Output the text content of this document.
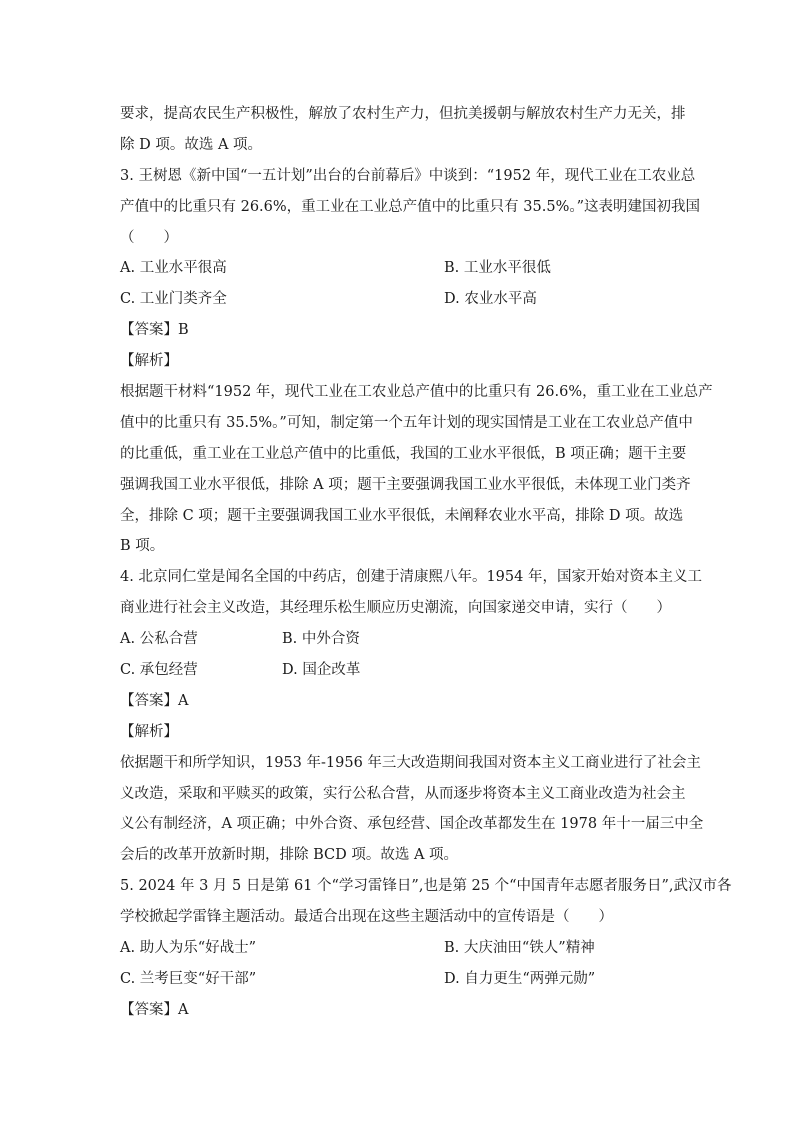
要求，提高农民生产积极性，解放了农村生产力，但抗美援朝与解放农村生产力无关，排
除 D 项。故选 A 项。
3. 王树恩《新中国“一五计划”出台的台前幕后》中谈到：“1952 年，现代工业在工农业总
产值中的比重只有 26.6%，重工业在工业总产值中的比重只有 35.5%。”这表明建国初我国
（　　）
A. 工业水平很高	B. 工业水平很低
C. 工业门类齐全	D. 农业水平高
【答案】B
【解析】
根据题干材料“1952 年，现代工业在工农业总产值中的比重只有 26.6%，重工业在工业总产
值中的比重只有 35.5%。”可知，制定第一个五年计划的现实国情是工业在工农业总产值中
的比重低，重工业在工业总产值中的比重低，我国的工业水平很低，B 项正确；题干主要
强调我国工业水平很低，排除 A 项；题干主要强调我国工业水平很低，未体现工业门类齐
全，排除 C 项；题干主要强调我国工业水平很低，未阐释农业水平高，排除 D 项。故选
B 项。
4. 北京同仁堂是闻名全国的中药店，创建于清康熙八年。1954 年，国家开始对资本主义工
商业进行社会主义改造，其经理乐松生顺应历史潮流，向国家递交申请，实行（　　）
A. 公私合营	B. 中外合资
C. 承包经营	D. 国企改革
【答案】A
【解析】
依据题干和所学知识，1953 年-1956 年三大改造期间我国对资本主义工商业进行了社会主
义改造，采取和平赎买的政策，实行公私合营，从而逐步将资本主义工商业改造为社会主
义公有制经济，A 项正确；中外合资、承包经营、国企改革都发生在 1978 年十一届三中全
会后的改革开放新时期，排除 BCD 项。故选 A 项。
5. 2024 年 3 月 5 日是第 61 个“学习雷锋日”,也是第 25 个“中国青年志愿者服务日”,武汉市各
学校掀起学雷锋主题活动。最适合出现在这些主题活动中的宣传语是（　　）
A. 助人为乐“好战士”	B. 大庆油田“铁人”精神
C. 兰考巨变“好干部”	D. 自力更生“两弹元勋”
【答案】A
